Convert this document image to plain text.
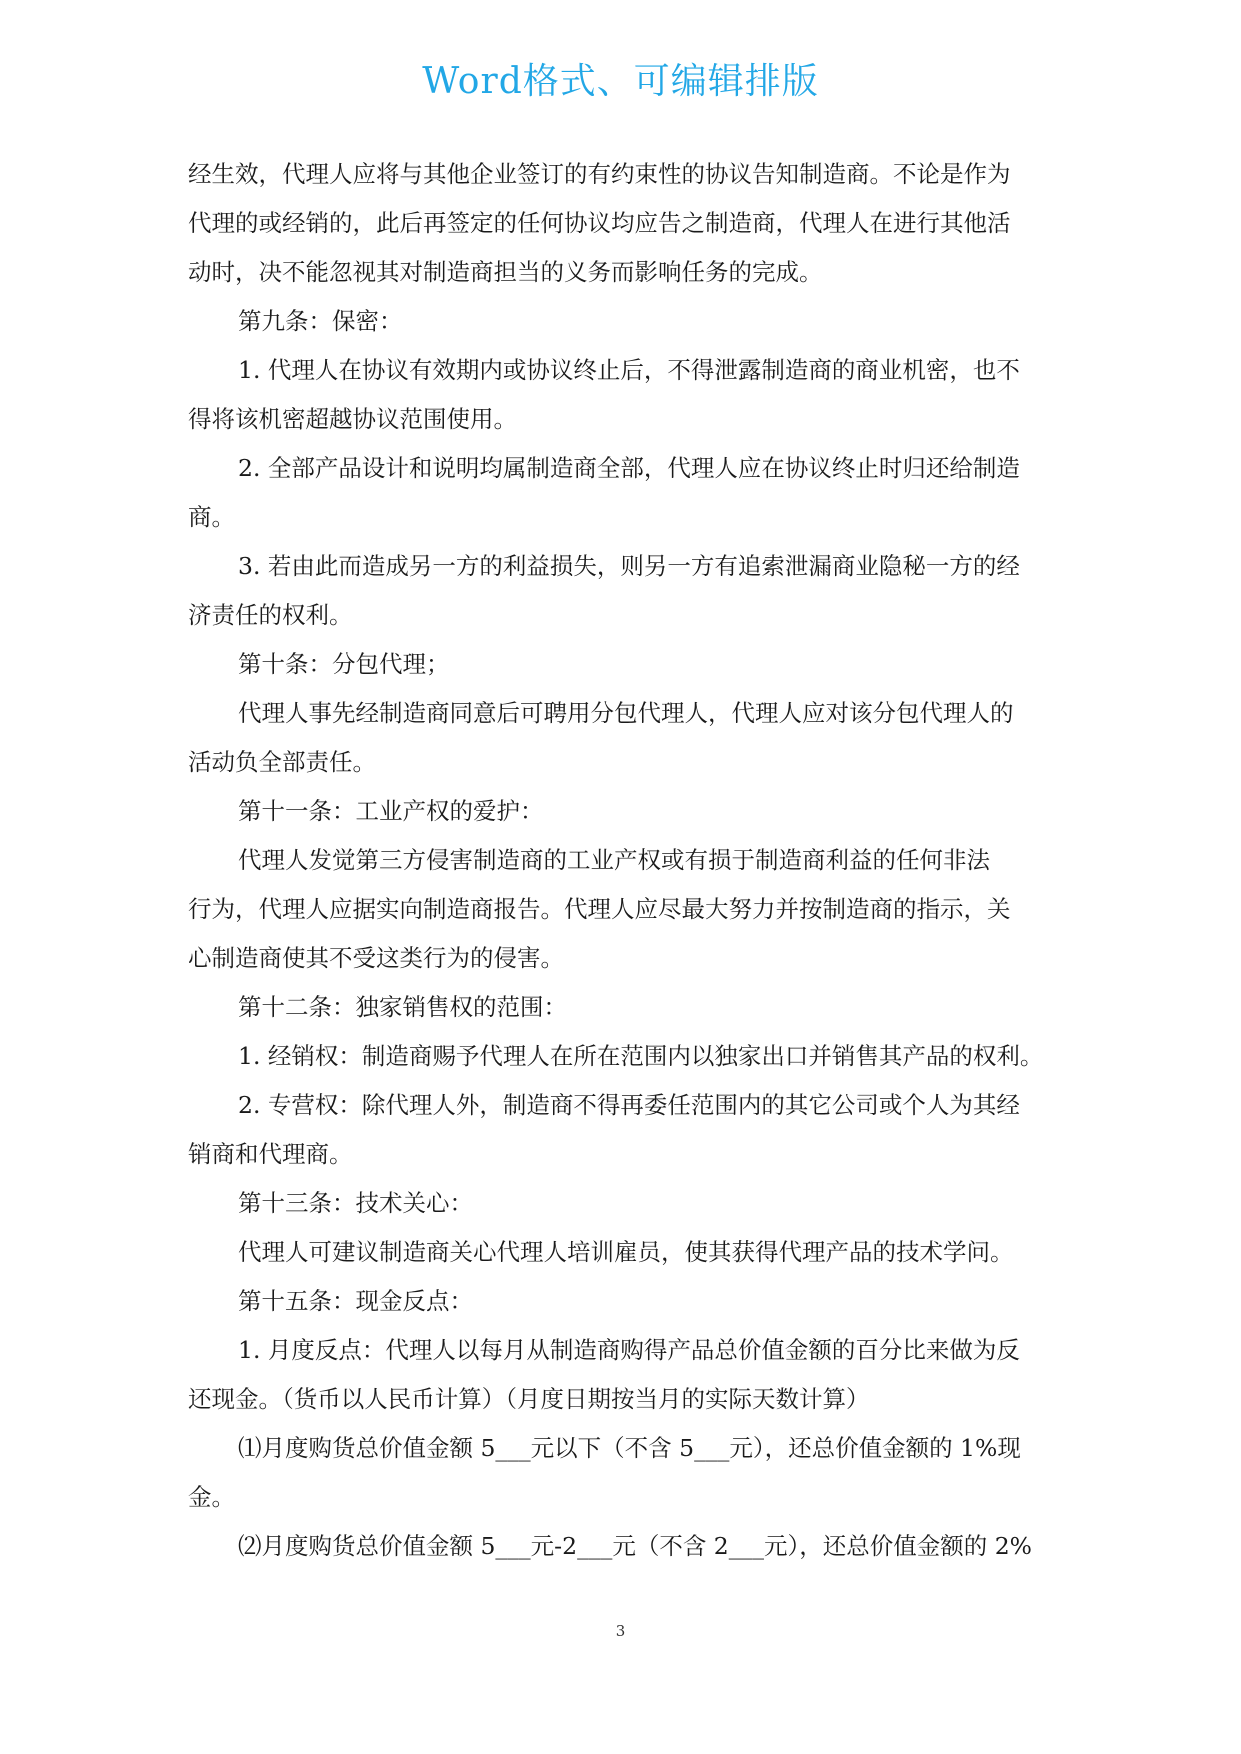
Word格式、可编辑排版
经生效，代理人应将与其他企业签订的有约束性的协议告知制造商。不论是作为
代理的或经销的，此后再签定的任何协议均应告之制造商，代理人在进行其他活
动时，决不能忽视其对制造商担当的义务而影响任务的完成。
第九条：保密：
1. 代理人在协议有效期内或协议终止后，不得泄露制造商的商业机密，也不
得将该机密超越协议范围使用。
2. 全部产品设计和说明均属制造商全部，代理人应在协议终止时归还给制造
商。
3. 若由此而造成另一方的利益损失，则另一方有追索泄漏商业隐秘一方的经
济责任的权利。
第十条：分包代理；
代理人事先经制造商同意后可聘用分包代理人，代理人应对该分包代理人的
活动负全部责任。
第十一条：工业产权的爱护：
代理人发觉第三方侵害制造商的工业产权或有损于制造商利益的任何非法
行为，代理人应据实向制造商报告。代理人应尽最大努力并按制造商的指示，关
心制造商使其不受这类行为的侵害。
第十二条：独家销售权的范围：
1. 经销权：制造商赐予代理人在所在范围内以独家出口并销售其产品的权利。
2. 专营权：除代理人外，制造商不得再委任范围内的其它公司或个人为其经
销商和代理商。
第十三条：技术关心：
代理人可建议制造商关心代理人培训雇员，使其获得代理产品的技术学问。
第十五条：现金反点：
1. 月度反点：代理人以每月从制造商购得产品总价值金额的百分比来做为反
还现金。（货币以人民币计算）（月度日期按当月的实际天数计算）
⑴月度购货总价值金额 5___元以下（不含 5___元），还总价值金额的 1%现
金。
⑵月度购货总价值金额 5___元-2___元（不含 2___元），还总价值金额的 2%
3
